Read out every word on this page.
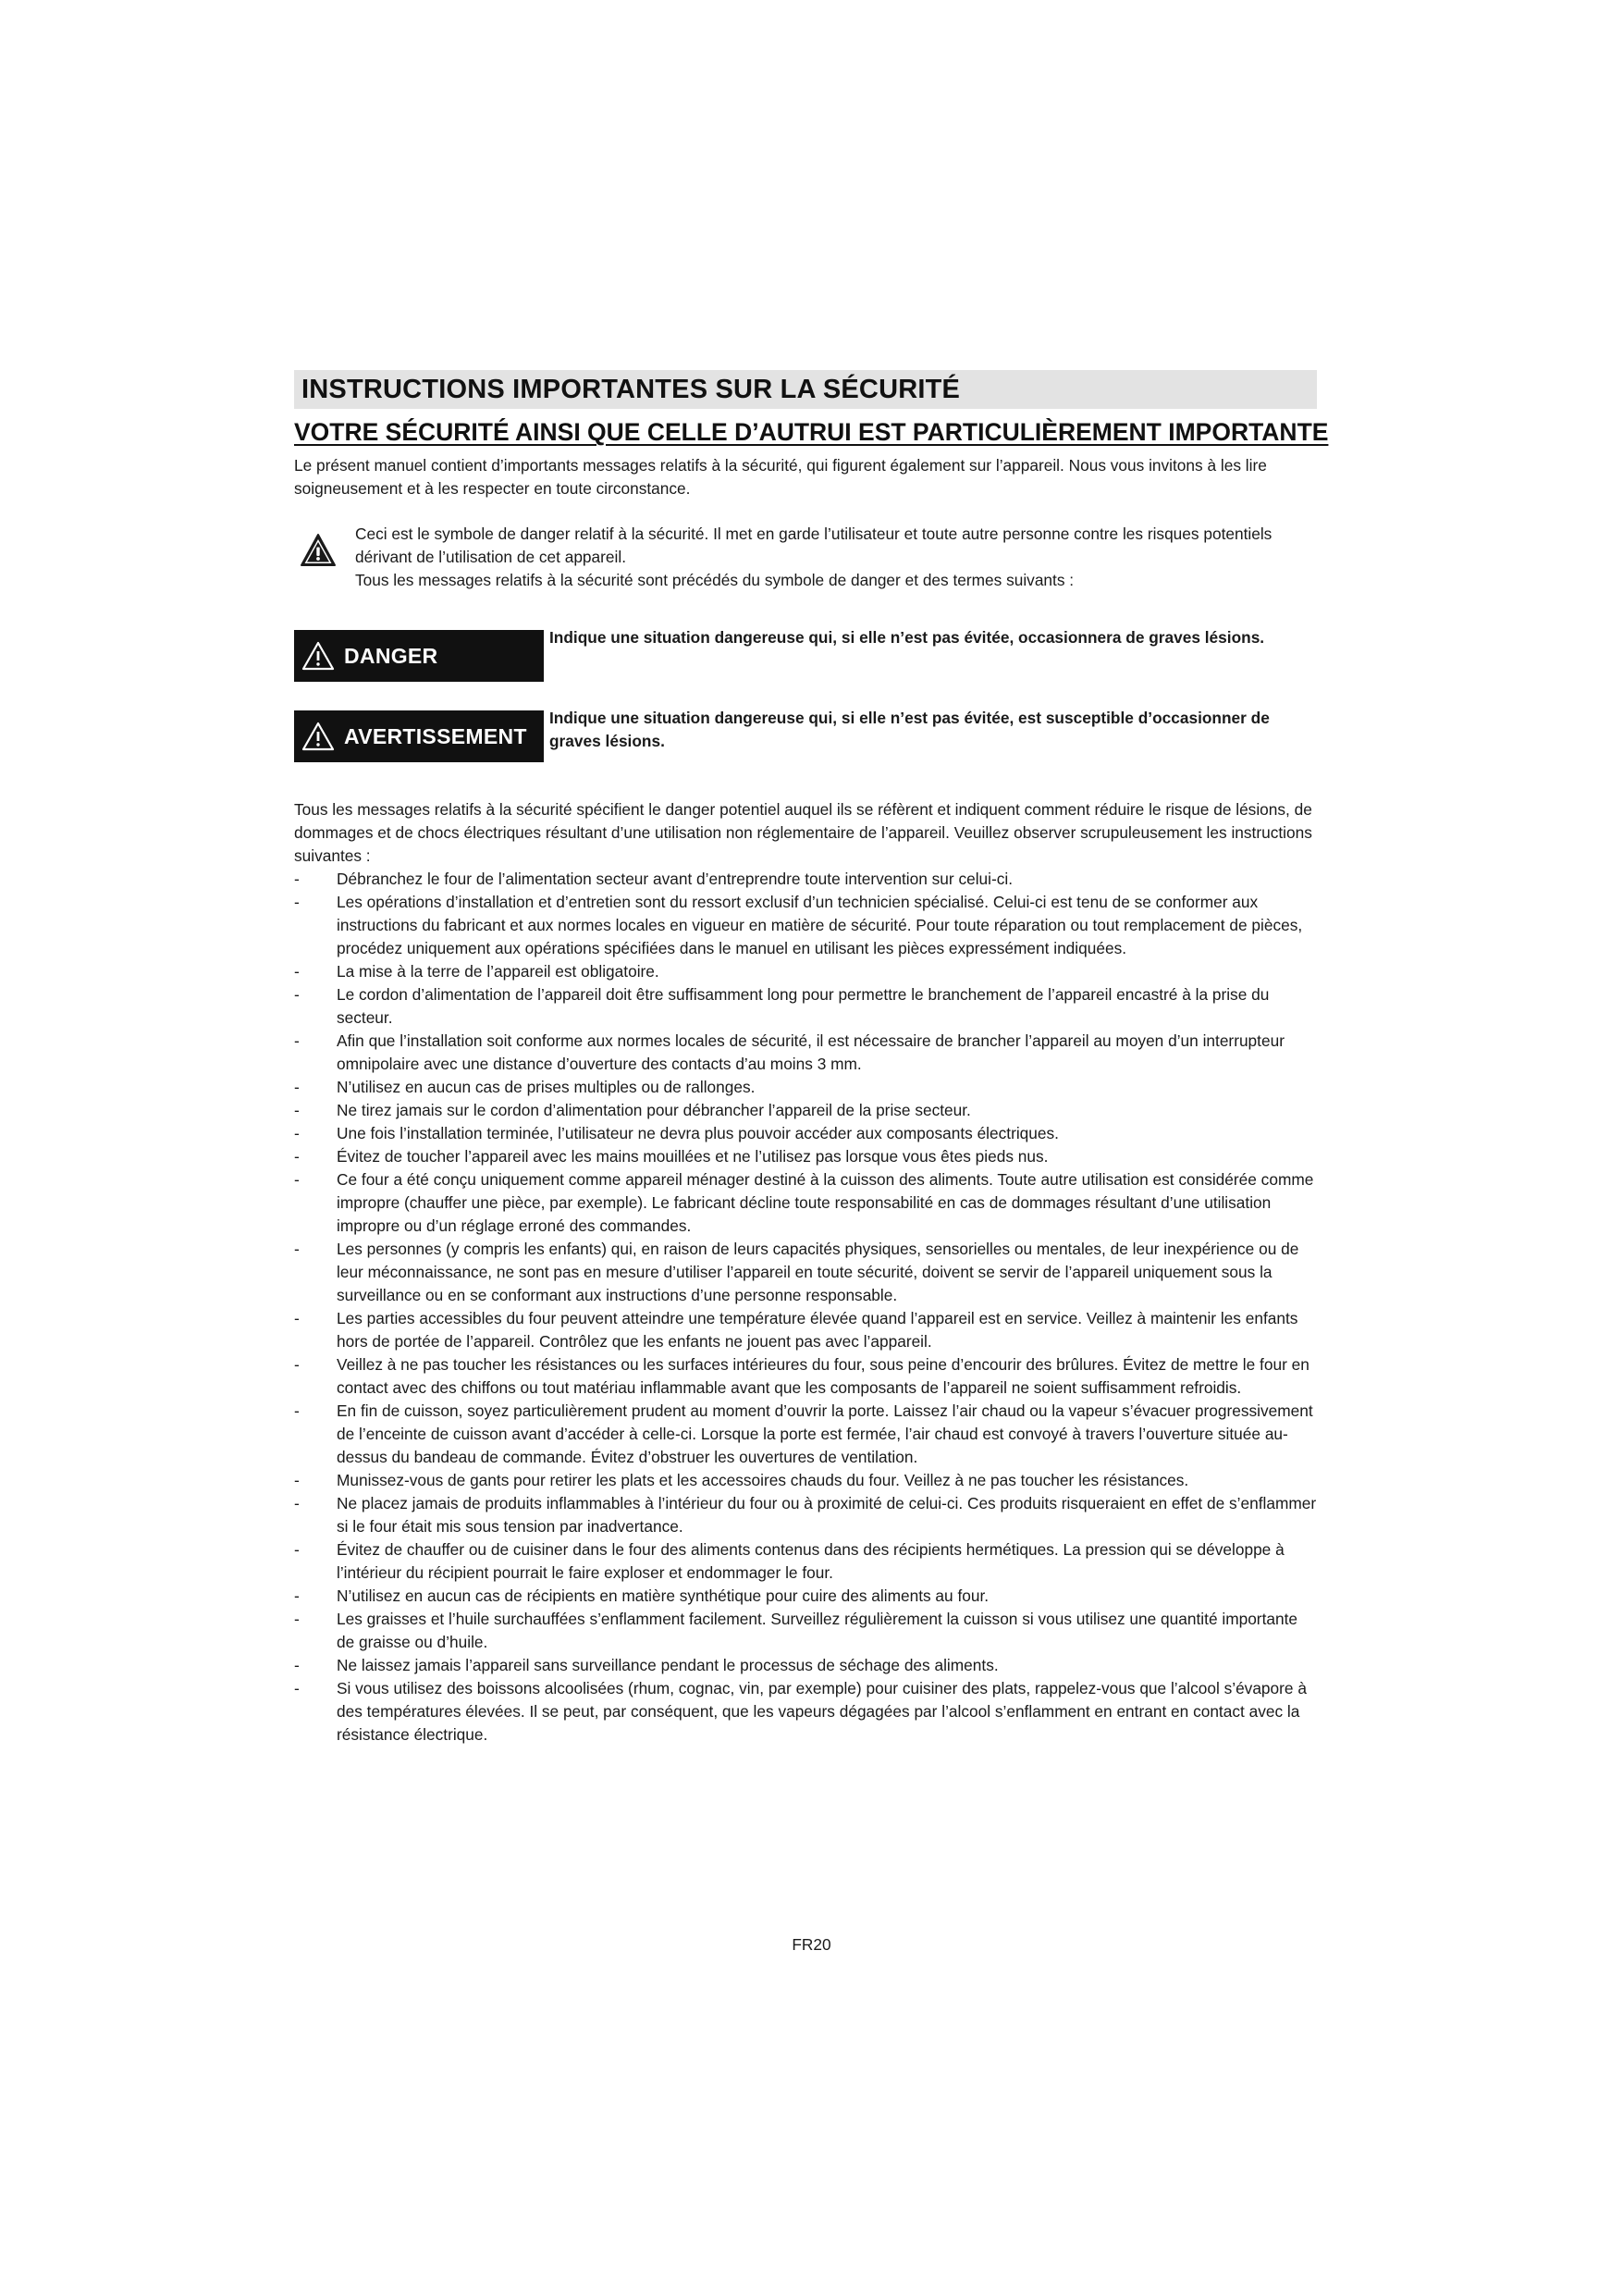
INSTRUCTIONS IMPORTANTES SUR LA SÉCURITÉ
VOTRE SÉCURITÉ AINSI QUE CELLE D’AUTRUI EST PARTICULIÈREMENT IMPORTANTE
Le présent manuel contient d’importants messages relatifs à la sécurité, qui figurent également sur l’appareil. Nous vous invitons à les lire soigneusement et à les respecter en toute circonstance.
Ceci est le symbole de danger relatif à la sécurité. Il met en garde l’utilisateur et toute autre personne contre les risques potentiels dérivant de l’utilisation de cet appareil.
Tous les messages relatifs à la sécurité sont précédés du symbole de danger et des termes suivants :
DANGER
Indique une situation dangereuse qui, si elle n’est pas évitée, occasionnera de graves lésions.
AVERTISSEMENT
Indique une situation dangereuse qui, si elle n’est pas évitée, est susceptible d’occasionner de graves lésions.
Tous les messages relatifs à la sécurité spécifient le danger potentiel auquel ils se réfèrent et indiquent comment réduire le risque de lésions, de dommages et de chocs électriques résultant d’une utilisation non réglementaire de l’appareil. Veuillez observer scrupuleusement les instructions suivantes :
- Débranchez le four de l’alimentation secteur avant d’entreprendre toute intervention sur celui-ci.
- Les opérations d’installation et d’entretien sont du ressort exclusif d’un technicien spécialisé. Celui-ci est tenu de se conformer aux instructions du fabricant et aux normes locales en vigueur en matière de sécurité. Pour toute réparation ou tout remplacement de pièces, procédez uniquement aux opérations spécifiées dans le manuel en utilisant les pièces expressément indiquées.
- La mise à la terre de l’appareil est obligatoire.
- Le cordon d’alimentation de l’appareil doit être suffisamment long pour permettre le branchement de l’appareil encastré à la prise du secteur.
- Afin que l’installation soit conforme aux normes locales de sécurité, il est nécessaire de brancher l’appareil au moyen d’un interrupteur omnipolaire avec une distance d’ouverture des contacts d’au moins 3 mm.
- N’utilisez en aucun cas de prises multiples ou de rallonges.
- Ne tirez jamais sur le cordon d’alimentation pour débrancher l’appareil de la prise secteur.
- Une fois l’installation terminée, l’utilisateur ne devra plus pouvoir accéder aux composants électriques.
- Évitez de toucher l’appareil avec les mains mouillées et ne l’utilisez pas lorsque vous êtes pieds nus.
- Ce four a été conçu uniquement comme appareil ménager destiné à la cuisson des aliments. Toute autre utilisation est considérée comme impropre (chauffer une pièce, par exemple). Le fabricant décline toute responsabilité en cas de dommages résultant d’une utilisation impropre ou d’un réglage erroné des commandes.
- Les personnes (y compris les enfants) qui, en raison de leurs capacités physiques, sensorielles ou mentales, de leur inexpérience ou de leur méconnaissance, ne sont pas en mesure d’utiliser l’appareil en toute sécurité, doivent se servir de l’appareil uniquement sous la surveillance ou en se conformant aux instructions d’une personne responsable.
- Les parties accessibles du four peuvent atteindre une température élevée quand l’appareil est en service. Veillez à maintenir les enfants hors de portée de l’appareil. Contrôlez que les enfants ne jouent pas avec l’appareil.
- Veillez à ne pas toucher les résistances ou les surfaces intérieures du four, sous peine d’encourir des brûlures. Évitez de mettre le four en contact avec des chiffons ou tout matériau inflammable avant que les composants de l’appareil ne soient suffisamment refroidis.
- En fin de cuisson, soyez particulièrement prudent au moment d’ouvrir la porte. Laissez l’air chaud ou la vapeur s’évacuer progressivement de l’enceinte de cuisson avant d’accéder à celle-ci. Lorsque la porte est fermée, l’air chaud est convoyé à travers l’ouverture située au-dessus du bandeau de commande. Évitez d’obstruer les ouvertures de ventilation.
- Munissez-vous de gants pour retirer les plats et les accessoires chauds du four. Veillez à ne pas toucher les résistances.
- Ne placez jamais de produits inflammables à l’intérieur du four ou à proximité de celui-ci. Ces produits risqueraient en effet de s’enflammer si le four était mis sous tension par inadvertance.
- Évitez de chauffer ou de cuisiner dans le four des aliments contenus dans des récipients hermétiques. La pression qui se développe à l’intérieur du récipient pourrait le faire exploser et endommager le four.
- N’utilisez en aucun cas de récipients en matière synthétique pour cuire des aliments au four.
- Les graisses et l’huile surchauffées s’enflamment facilement. Surveillez régulièrement la cuisson si vous utilisez une quantité importante de graisse ou d’huile.
- Ne laissez jamais l’appareil sans surveillance pendant le processus de séchage des aliments.
- Si vous utilisez des boissons alcoolisées (rhum, cognac, vin, par exemple) pour cuisiner des plats, rappelez-vous que l’alcool s’évapore à des températures élevées. Il se peut, par conséquent, que les vapeurs dégagées par l’alcool s’enflamment en entrant en contact avec la résistance électrique.
FR20
